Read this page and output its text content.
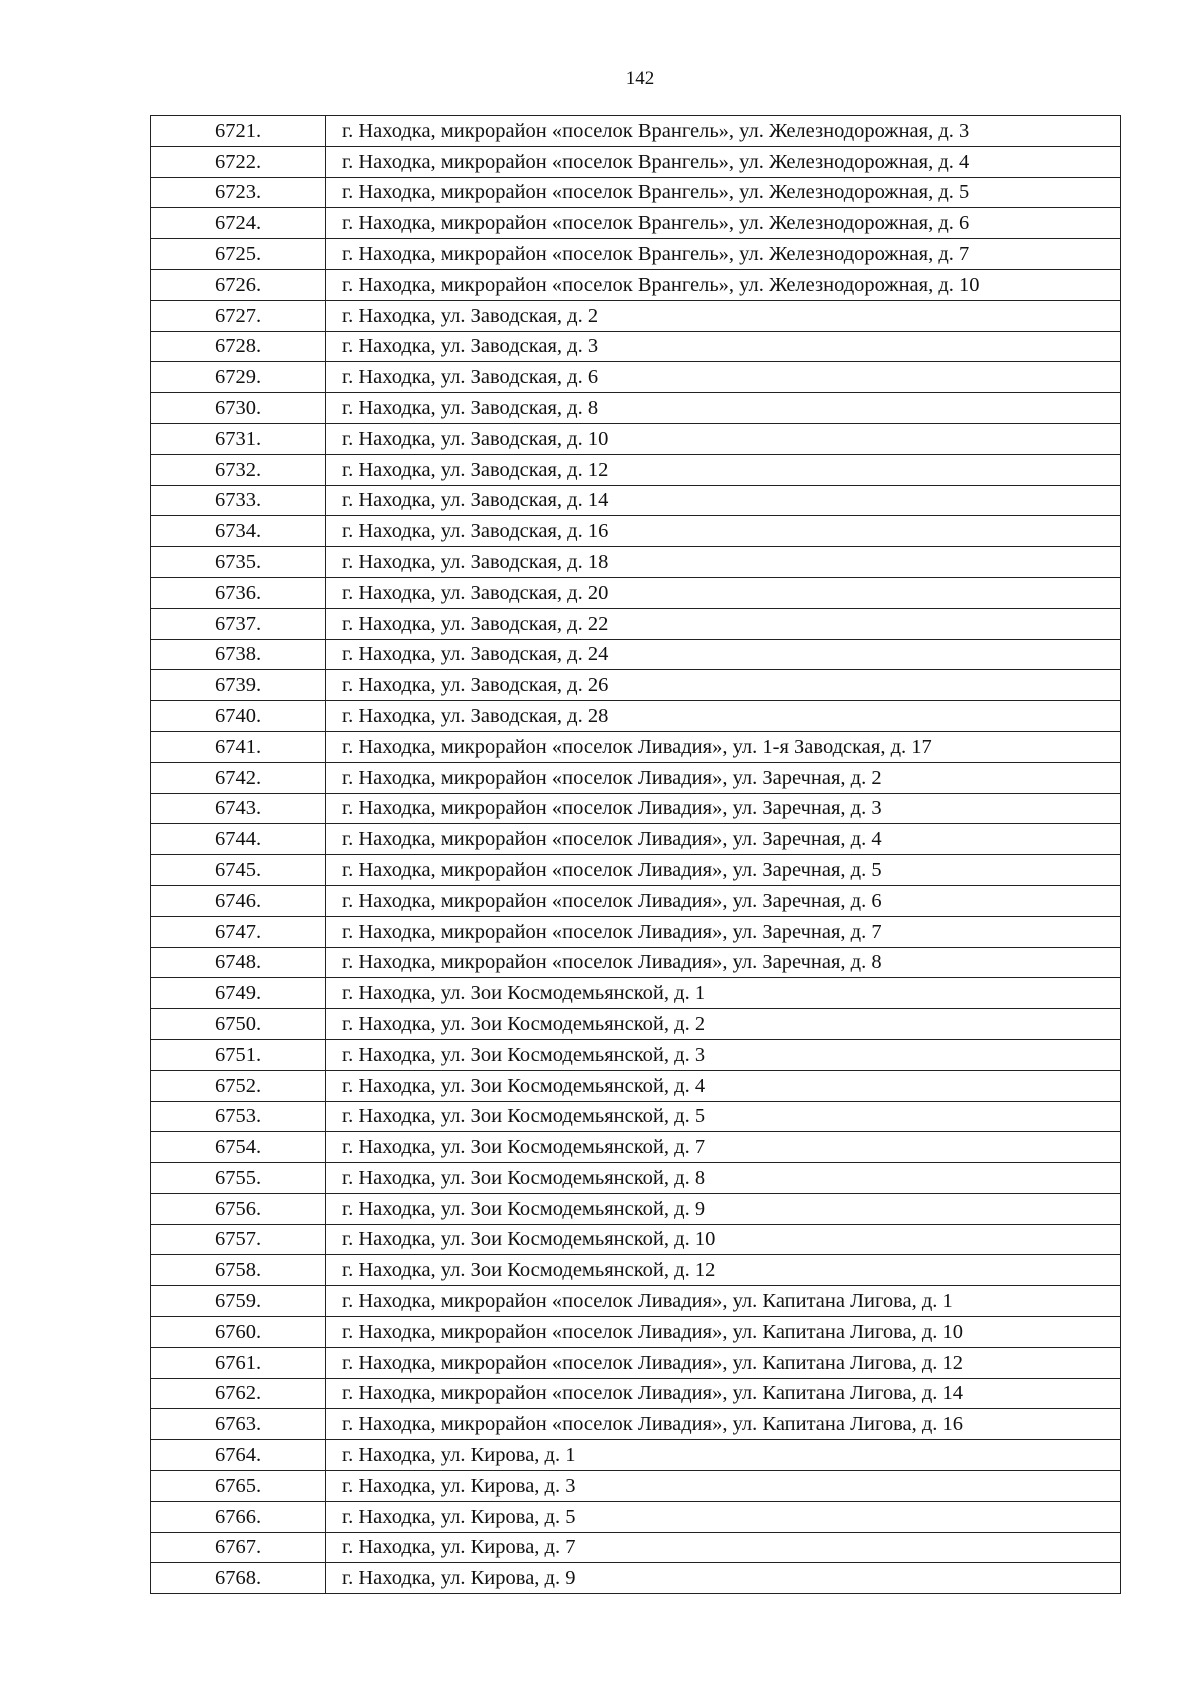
142
6721.	г. Находка, микрорайон «поселок Врангель», ул. Железнодорожная, д. 3
6722.	г. Находка, микрорайон «поселок Врангель», ул. Железнодорожная, д. 4
6723.	г. Находка, микрорайон «поселок Врангель», ул. Железнодорожная, д. 5
6724.	г. Находка, микрорайон «поселок Врангель», ул. Железнодорожная, д. 6
6725.	г. Находка, микрорайон «поселок Врангель», ул. Железнодорожная, д. 7
6726.	г. Находка, микрорайон «поселок Врангель», ул. Железнодорожная, д. 10
6727.	г. Находка, ул. Заводская, д. 2
6728.	г. Находка, ул. Заводская, д. 3
6729.	г. Находка, ул. Заводская, д. 6
6730.	г. Находка, ул. Заводская, д. 8
6731.	г. Находка, ул. Заводская, д. 10
6732.	г. Находка, ул. Заводская, д. 12
6733.	г. Находка, ул. Заводская, д. 14
6734.	г. Находка, ул. Заводская, д. 16
6735.	г. Находка, ул. Заводская, д. 18
6736.	г. Находка, ул. Заводская, д. 20
6737.	г. Находка, ул. Заводская, д. 22
6738.	г. Находка, ул. Заводская, д. 24
6739.	г. Находка, ул. Заводская, д. 26
6740.	г. Находка, ул. Заводская, д. 28
6741.	г. Находка, микрорайон «поселок Ливадия», ул. 1-я Заводская, д. 17
6742.	г. Находка, микрорайон «поселок Ливадия», ул. Заречная, д. 2
6743.	г. Находка, микрорайон «поселок Ливадия», ул. Заречная, д. 3
6744.	г. Находка, микрорайон «поселок Ливадия», ул. Заречная, д. 4
6745.	г. Находка, микрорайон «поселок Ливадия», ул. Заречная, д. 5
6746.	г. Находка, микрорайон «поселок Ливадия», ул. Заречная, д. 6
6747.	г. Находка, микрорайон «поселок Ливадия», ул. Заречная, д. 7
6748.	г. Находка, микрорайон «поселок Ливадия», ул. Заречная, д. 8
6749.	г. Находка, ул. Зои Космодемьянской, д. 1
6750.	г. Находка, ул. Зои Космодемьянской, д. 2
6751.	г. Находка, ул. Зои Космодемьянской, д. 3
6752.	г. Находка, ул. Зои Космодемьянской, д. 4
6753.	г. Находка, ул. Зои Космодемьянской, д. 5
6754.	г. Находка, ул. Зои Космодемьянской, д. 7
6755.	г. Находка, ул. Зои Космодемьянской, д. 8
6756.	г. Находка, ул. Зои Космодемьянской, д. 9
6757.	г. Находка, ул. Зои Космодемьянской, д. 10
6758.	г. Находка, ул. Зои Космодемьянской, д. 12
6759.	г. Находка, микрорайон «поселок Ливадия», ул. Капитана Лигова, д. 1
6760.	г. Находка, микрорайон «поселок Ливадия», ул. Капитана Лигова, д. 10
6761.	г. Находка, микрорайон «поселок Ливадия», ул. Капитана Лигова, д. 12
6762.	г. Находка, микрорайон «поселок Ливадия», ул. Капитана Лигова, д. 14
6763.	г. Находка, микрорайон «поселок Ливадия», ул. Капитана Лигова, д. 16
6764.	г. Находка, ул. Кирова, д. 1
6765.	г. Находка, ул. Кирова, д. 3
6766.	г. Находка, ул. Кирова, д. 5
6767.	г. Находка, ул. Кирова, д. 7
6768.	г. Находка, ул. Кирова, д. 9
